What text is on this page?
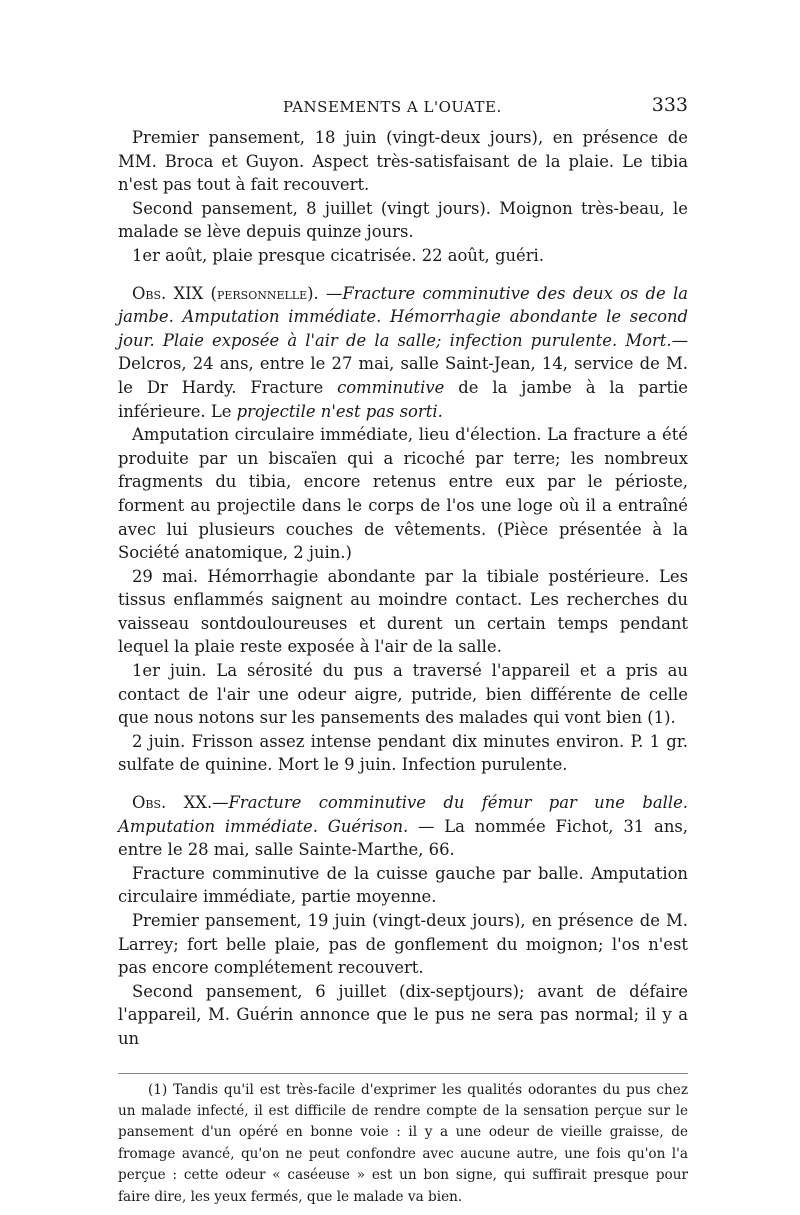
PANSEMENTS A L'OUATE.	333

Premier pansement, 18 juin (vingt-deux jours), en présence de MM. Broca et Guyon. Aspect très-satisfaisant de la plaie. Le tibia n'est pas tout à fait recouvert.

Second pansement, 8 juillet (vingt jours). Moignon très-beau, le malade se lève depuis quinze jours.

1er août, plaie presque cicatrisée. 22 août, guéri.

Obs. XIX (personnelle). —Fracture comminutive des deux os de la jambe. Amputation immédiate. Hémorrhagie abondante le second jour. Plaie exposée à l'air de la salle; infection purulente. Mort.— Delcros, 24 ans, entre le 27 mai, salle Saint-Jean, 14, service de M. le Dr Hardy. Fracture comminutive de la jambe à la partie inférieure. Le projectile n'est pas sorti.

Amputation circulaire immédiate, lieu d'élection. La fracture a été produite par un biscaïen qui a ricoché par terre; les nombreux fragments du tibia, encore retenus entre eux par le périoste, forment au projectile dans le corps de l'os une loge où il a entraîné avec lui plusieurs couches de vêtements. (Pièce présentée à la Société anatomique, 2 juin.)

29 mai. Hémorrhagie abondante par la tibiale postérieure. Les tissus enflammés saignent au moindre contact. Les recherches du vaisseau sontdouloureuses et durent un certain temps pendant lequel la plaie reste exposée à l'air de la salle.

1er juin. La sérosité du pus a traversé l'appareil et a pris au contact de l'air une odeur aigre, putride, bien différente de celle que nous notons sur les pansements des malades qui vont bien (1).

2 juin. Frisson assez intense pendant dix minutes environ. P. 1 gr. sulfate de quinine. Mort le 9 juin. Infection purulente.

Obs. XX.—Fracture comminutive du fémur par une balle. Amputation immédiate. Guérison. — La nommée Fichot, 31 ans, entre le 28 mai, salle Sainte-Marthe, 66.

Fracture comminutive de la cuisse gauche par balle. Amputation circulaire immédiate, partie moyenne.

Premier pansement, 19 juin (vingt-deux jours), en présence de M. Larrey; fort belle plaie, pas de gonflement du moignon; l'os n'est pas encore complétement recouvert.

Second pansement, 6 juillet (dix-septjours); avant de défaire l'appareil, M. Guérin annonce que le pus ne sera pas normal; il y a un

(1) Tandis qu'il est très-facile d'exprimer les qualités odorantes du pus chez un malade infecté, il est difficile de rendre compte de la sensation perçue sur le pansement d'un opéré en bonne voie : il y a une odeur de vieille graisse, de fromage avancé, qu'on ne peut confondre avec aucune autre, une fois qu'on l'a perçue : cette odeur « caséeuse » est un bon signe, qui suffirait presque pour faire dire, les yeux fermés, que le malade va bien.
